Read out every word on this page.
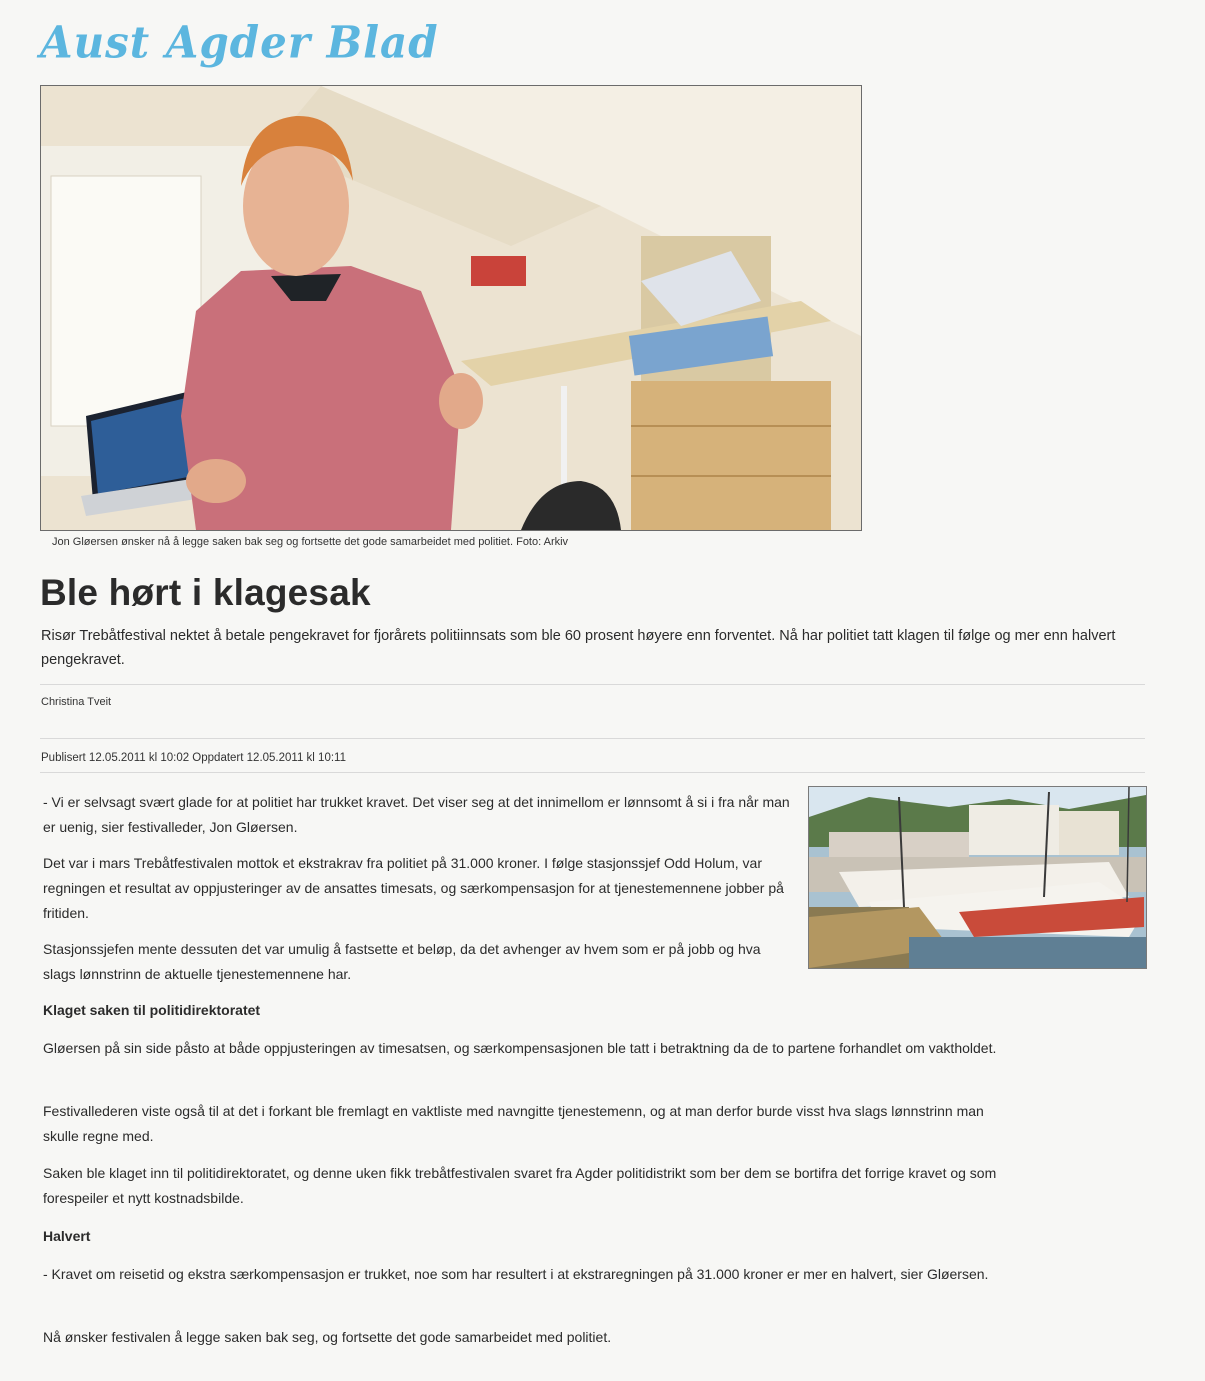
Aust Agder Blad
Jon Gløersen ønsker nå å legge saken bak seg og fortsette det gode samarbeidet med politiet. Foto: Arkiv
Ble hørt i klagesak

Risør Trebåtfestival nektet å betale pengekravet for fjorårets politiinnsats som ble 60 prosent høyere enn forventet. Nå har politiet tatt klagen til følge og mer enn halvert pengekravet.

Christina Tveit
Publisert 12.05.2011 kl 10:02 Oppdatert 12.05.2011 kl 10:11

- Vi er selvsagt svært glade for at politiet har trukket kravet. Det viser seg at det innimellom er lønnsomt å si i fra når man er uenig, sier festivalleder, Jon Gløersen.

Det var i mars Trebåtfestivalen mottok et ekstrakrav fra politiet på 31.000 kroner. I følge stasjonssjef Odd Holum, var regningen et resultat av oppjusteringer av de ansattes timesats, og særkompensasjon for at tjenestemennene jobber på fritiden.

Stasjonssjefen mente dessuten det var umulig å fastsette et beløp, da det avhenger av hvem som er på jobb og hva slags lønnstrinn de aktuelle tjenestemennene har.

Klaget saken til politidirektoratet

Gløersen på sin side påsto at både oppjusteringen av timesatsen, og særkompensasjonen ble tatt i betraktning da de to partene forhandlet om vaktholdet.

Festivallederen viste også til at det i forkant ble fremlagt en vaktliste med navngitte tjenestemenn, og at man derfor burde visst hva slags lønnstrinn man skulle regne med.

Saken ble klaget inn til politidirektoratet, og denne uken fikk trebåtfestivalen svaret fra Agder politidistrikt som ber dem se bortifra det forrige kravet og som forespeiler et nytt kostnadsbilde.

Halvert

- Kravet om reisetid og ekstra særkompensasjon er trukket, noe som har resultert i at ekstraregningen på 31.000 kroner er mer en halvert, sier Gløersen.

Nå ønsker festivalen å legge saken bak seg, og fortsette det gode samarbeidet med politiet.
